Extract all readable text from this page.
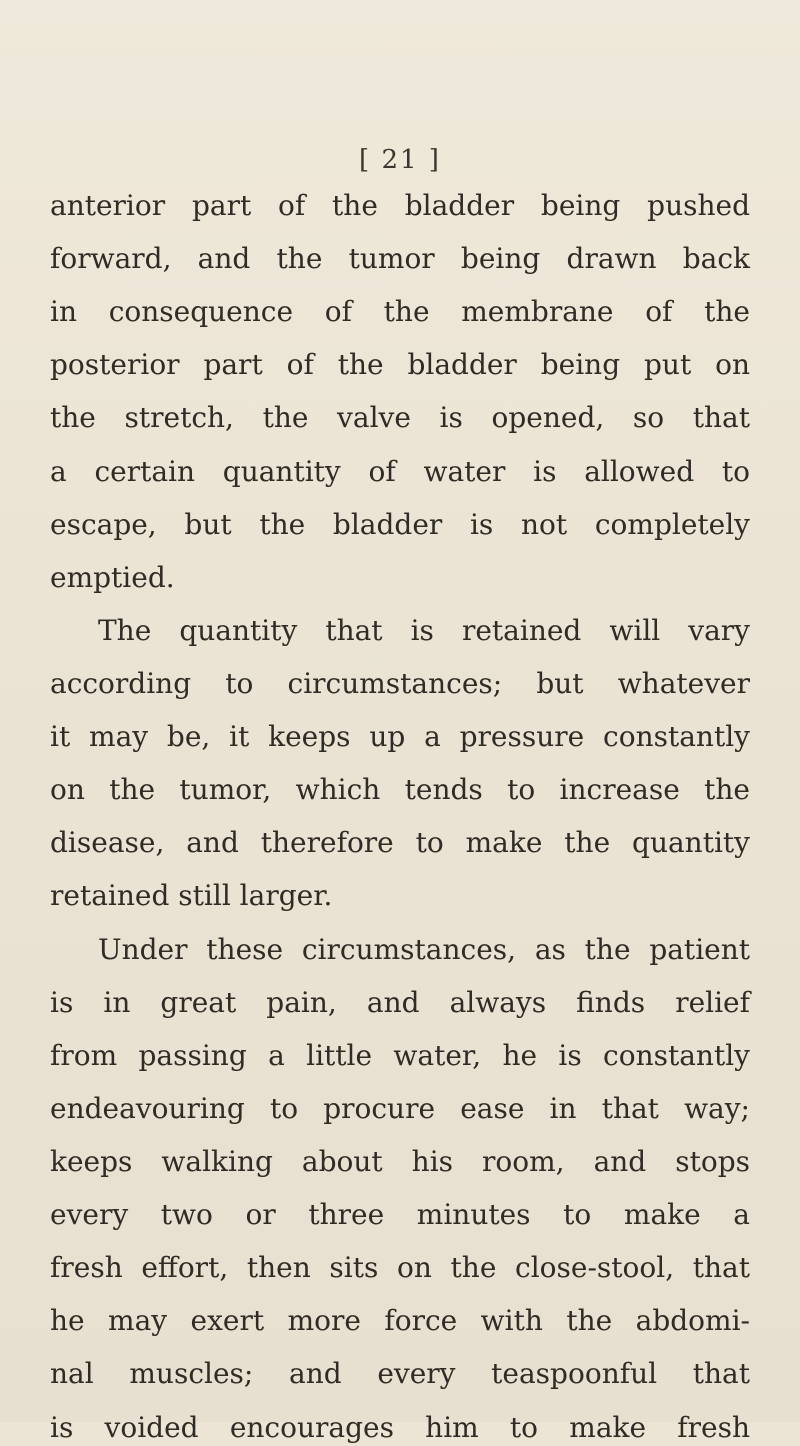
[ 21 ]
anterior part of the bladder being pushed
forward, and the tumor being drawn back
in consequence of the membrane of the
posterior part of the bladder being put on
the stretch, the valve is opened, so that
a certain quantity of water is allowed to
escape, but the bladder is not completely
emptied.
The quantity that is retained will vary
according to circumstances; but whatever
it may be, it keeps up a pressure constantly
on the tumor, which tends to increase the
disease, and therefore to make the quantity
retained still larger.
Under these circumstances, as the patient
is in great pain, and always finds relief
from passing a little water, he is constantly
endeavouring to procure ease in that way;
keeps walking about his room, and stops
every two or three minutes to make a
fresh effort, then sits on the close-stool, that
he may exert more force with the abdomi-
nal muscles; and every teaspoonful that
is voided encourages him to make fresh
